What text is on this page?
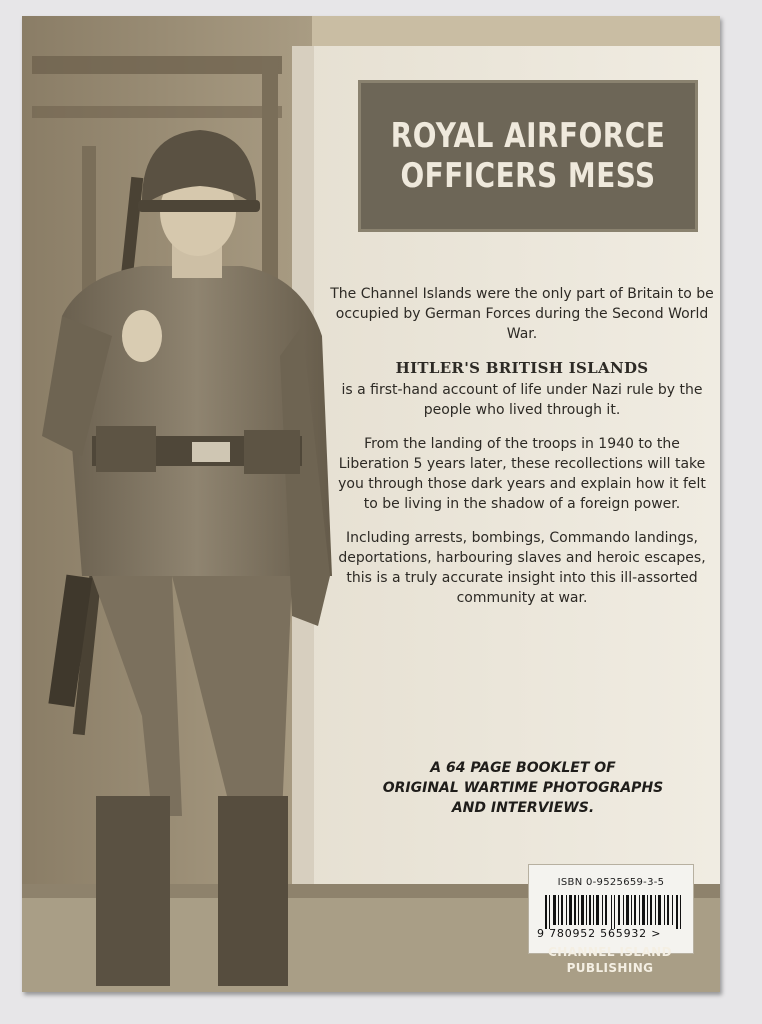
ROYAL AIRFORCE
OFFICERS MESS

The Channel Islands were the only part of Britain to be occupied by German Forces during the Second World War.

HITLER'S BRITISH ISLANDS
is a first-hand account of life under Nazi rule by the people who lived through it.

From the landing of the troops in 1940 to the Liberation 5 years later, these recollections will take you through those dark years and explain how it felt to be living in the shadow of a foreign power.

Including arrests, bombings, Commando landings, deportations, harbouring slaves and heroic escapes, this is a truly accurate insight into this ill-assorted community at war.

A 64 PAGE BOOKLET OF
ORIGINAL WARTIME PHOTOGRAPHS
AND INTERVIEWS.
ISBN 0-9525659-3-5
9 780952 565932 >
CHANNEL ISLAND
PUBLISHING
